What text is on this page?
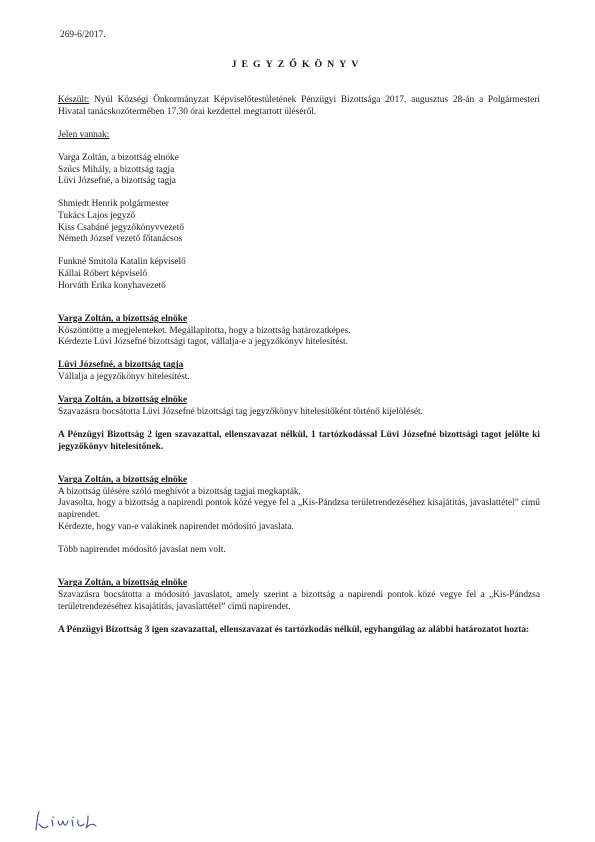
269-6/2017.
JEGYZŐKÖNYV

Készült: Nyúl Községi Önkormányzat Képviselőtestületének Pénzügyi Bizottsága 2017. augusztus 28-án a Polgármesteri Hivatal tanácskozótermében 17.30 órai kezdettel megtartott üléséről.

Jelen vannak:

Varga Zoltán, a bizottság elnöke

Szűcs Mihály, a bizottság tagja

Lüvi Józsefné, a bizottság tagja

Shmiedt Henrik polgármester

Tukács Lajos jegyző

Kiss Csabáné jegyzőkönyvvezető

Németh József vezető főtanácsos

Funkné Smitola Katalin képviselő

Kállai Róbert képviselő

Horváth Erika konyhavezető

Varga Zoltán, a bizottság elnöke

Köszöntötte a megjelenteket. Megállapította, hogy a bizottság határozatképes.

Kérdezte Lüvi Józsefné bizottsági tagot, vállalja-e a jegyzőkönyv hitelesítést.

Lüvi Józsefné, a bizottság tagja

Vállalja a jegyzőkönyv hitelesítést.

Varga Zoltán, a bizottság elnöke

Szavazásra bocsátotta Lüvi Józsefné bizottsági tag jegyzőkönyv hitelesítőként történő kijelölését.

A Pénzügyi Bizottság 2 igen szavazattal, ellenszavazat nélkül, 1 tartózkodással Lüvi Józsefné bizottsági tagot jelölte ki jegyzőkönyv hitelesítőnek.

Varga Zoltán, a bizottság elnöke

A bizottság ülésére szóló meghívót a bizottság tagjai megkapták.

Javasolta, hogy a bizottság a napirendi pontok közé vegye fel a „Kis-Pándzsa területrendezéséhez kisajátítás, javaslattétel” című napirendet.

Kérdezte, hogy van-e valakinek napirendet módosító javaslata.

Több napirendet módosító javaslat nem volt.

Varga Zoltán, a bizottság elnöke

Szavazásra bocsátotta a módosító javaslatot, amely szerint a bizottság a napirendi pontok közé vegye fel a „Kis-Pándzsa területrendezéséhez kisajátítás, javaslattétel” című napirendet.

A Pénzügyi Bizottság 3 igen szavazattal, ellenszavazat és tartózkodás nélkül, egyhangúlag az alábbi határozatot hozta:
